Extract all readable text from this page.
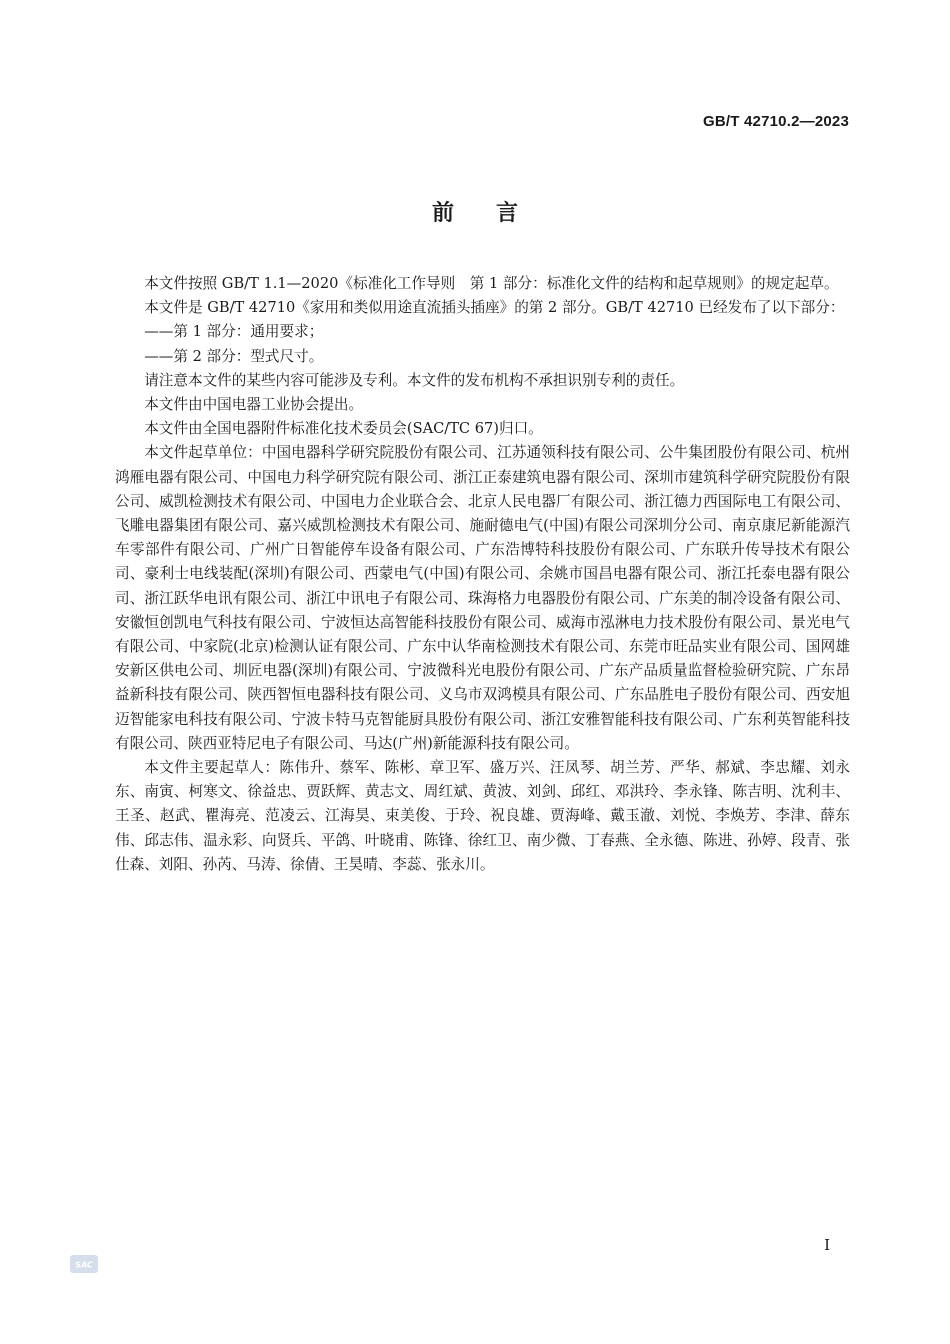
GB/T 42710.2—2023
前言

本文件按照 GB/T 1.1—2020《标准化工作导则　第 1 部分：标准化文件的结构和起草规则》的规定起草。

本文件是 GB/T 42710《家用和类似用途直流插头插座》的第 2 部分。GB/T 42710 已经发布了以下部分：

——第 1 部分：通用要求；

——第 2 部分：型式尺寸。

请注意本文件的某些内容可能涉及专利。本文件的发布机构不承担识别专利的责任。

本文件由中国电器工业协会提出。

本文件由全国电器附件标准化技术委员会(SAC/TC 67)归口。

本文件起草单位：中国电器科学研究院股份有限公司、江苏通领科技有限公司、公牛集团股份有限公司、杭州鸿雁电器有限公司、中国电力科学研究院有限公司、浙江正泰建筑电器有限公司、深圳市建筑科学研究院股份有限公司、威凯检测技术有限公司、中国电力企业联合会、北京人民电器厂有限公司、浙江德力西国际电工有限公司、飞雕电器集团有限公司、嘉兴威凯检测技术有限公司、施耐德电气(中国)有限公司深圳分公司、南京康尼新能源汽车零部件有限公司、广州广日智能停车设备有限公司、广东浩博特科技股份有限公司、广东联升传导技术有限公司、豪利士电线装配(深圳)有限公司、西蒙电气(中国)有限公司、余姚市国昌电器有限公司、浙江托泰电器有限公司、浙江跃华电讯有限公司、浙江中讯电子有限公司、珠海格力电器股份有限公司、广东美的制冷设备有限公司、安徽恒创凯电气科技有限公司、宁波恒达高智能科技股份有限公司、威海市泓淋电力技术股份有限公司、景光电气有限公司、中家院(北京)检测认证有限公司、广东中认华南检测技术有限公司、东莞市旺品实业有限公司、国网雄安新区供电公司、圳匠电器(深圳)有限公司、宁波微科光电股份有限公司、广东产品质量监督检验研究院、广东昂益新科技有限公司、陕西智恒电器科技有限公司、义乌市双鸿模具有限公司、广东品胜电子股份有限公司、西安旭迈智能家电科技有限公司、宁波卡特马克智能厨具股份有限公司、浙江安雅智能科技有限公司、广东利英智能科技有限公司、陕西亚特尼电子有限公司、马达(广州)新能源科技有限公司。

本文件主要起草人：陈伟升、蔡军、陈彬、章卫军、盛万兴、汪凤琴、胡兰芳、严华、郝斌、李忠耀、刘永东、南寅、柯寒文、徐益忠、贾跃辉、黄志文、周红斌、黄波、刘剑、邱红、邓洪玲、李永锋、陈吉明、沈利丰、王圣、赵武、瞿海亮、范凌云、江海昊、束美俊、于玲、祝良雄、贾海峰、戴玉澈、刘悦、李焕芳、李津、薛东伟、邱志伟、温永彩、向贤兵、平鸽、叶晓甫、陈锋、徐红卫、南少微、丁春燕、全永德、陈进、孙婷、段青、张仕森、刘阳、孙芮、马涛、徐倩、王昊晴、李蕊、张永川。

I
SAC
